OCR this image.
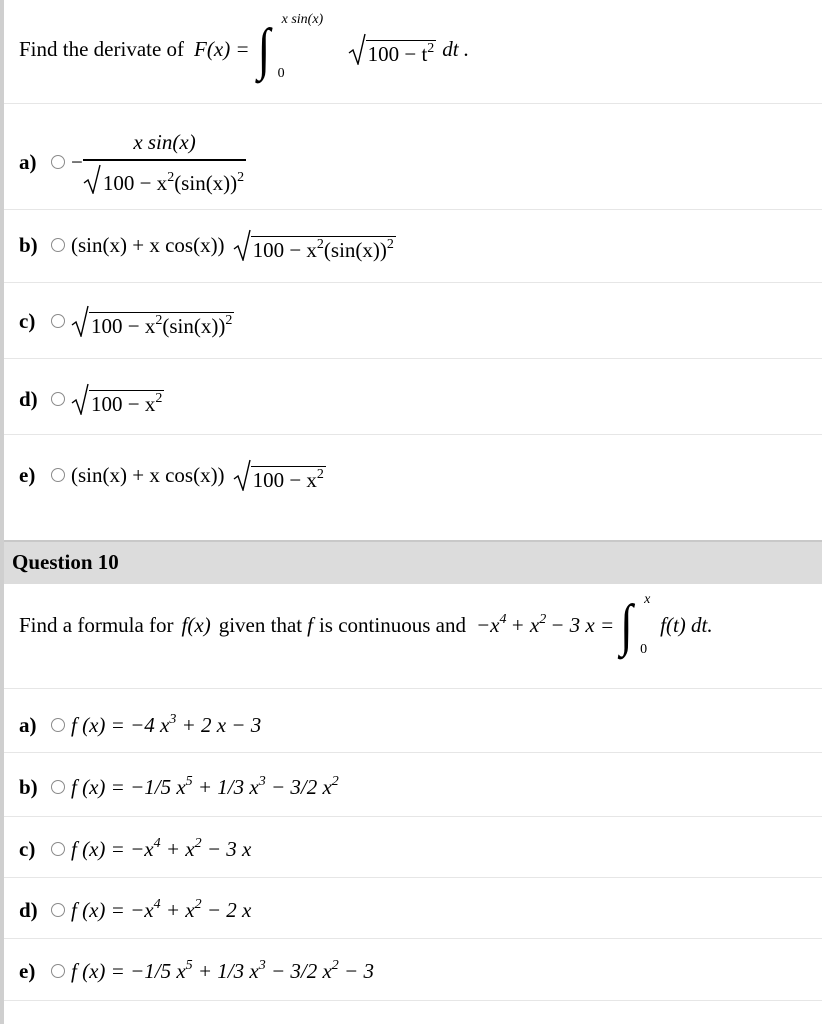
Find the derivate of F(x) = ∫ x sin(x)
0
$100 - t^2$ dt .
a)	− $\frac{\text{x sin(x)}}{100 - x^2(\sin(x))^2}$
b)	(sin(x) + x cos(x)) $100 - x^2(\sin(x))^2$
c)	$100 - x^2(\sin(x))^2$
d)	$100 - x^2$
e)	(sin(x) + x cos(x)) $100 - x^2$
Question 10
Find a formula for f(x) given that f is continuous and $-x^4 + x^2 - 3$ x = ∫ x
0
f(t) dt.
a)	f (x) = −4 $x^3 + 2$ x − 3
b)	f (x) = −1/5 $x^5 + 1/3$ $x^3 - 3/2$ $x^2$
c)	f $(x) = -x^4 + x^2 - 3$ x
d)	f $(x) = -x^4 + x^2 - 2$ x
e)	f (x) = −1/5 $x^5 + 1/3$ $x^3 - 3/2$ $x^2 - 3$
